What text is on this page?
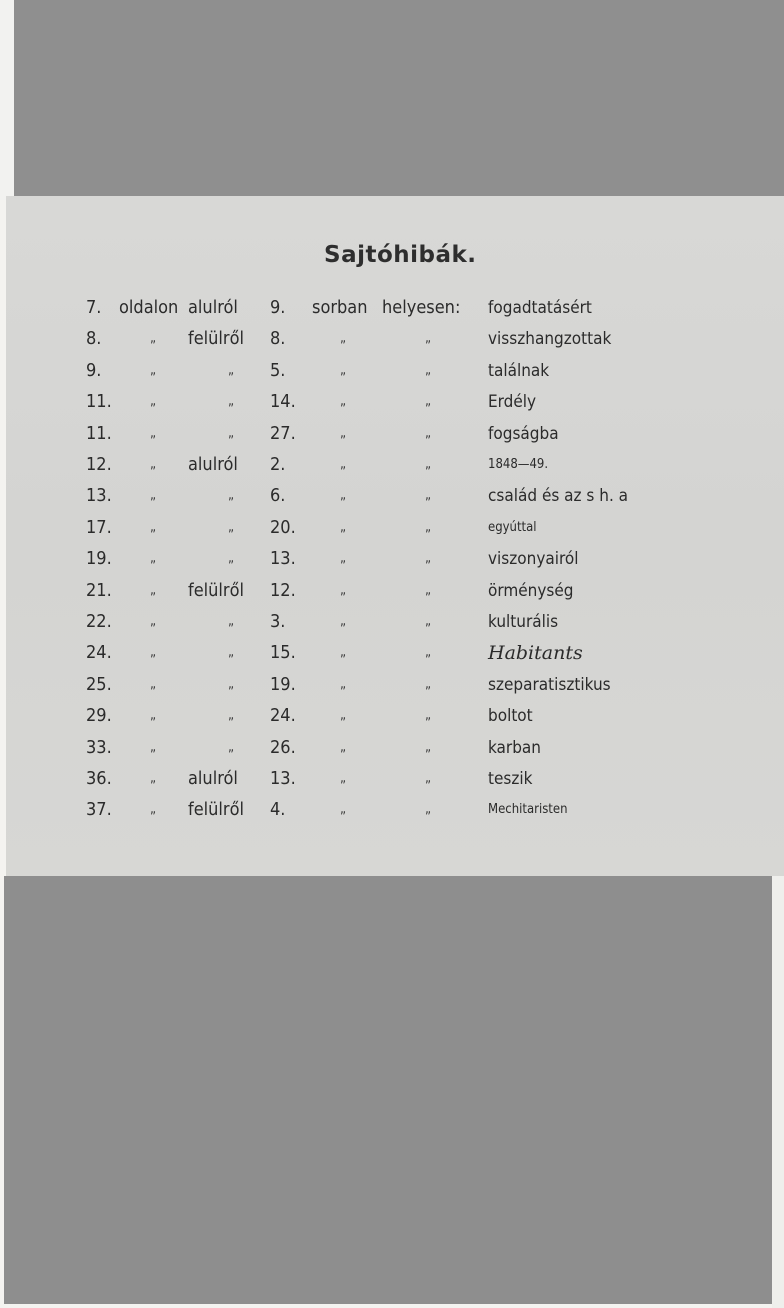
Sajtóhibák.
7. oldalon alulról 9. sorban helyesen: fogadtatásért
8.	„ felülről 8.	„	„	visszhangzottak
9.	„	„ 5.	„	„	találnak
11.	„	„ 14.	„	„	Erdély
11.	„	„ 27.	„	„	fogságba
12.	„ alulról 2.	„	„	1848—49.
13.	„	„ 6.	„	„	család és az s h. a
17.	„	„ 20.	„	„	egyúttal
19.	„	„ 13.	„	„	viszonyairól
21.	„ felülről 12.	„	„	örménység
22.	„	„ 3.	„	„	kulturális
24.	„	„ 15.	„	„	Habitants
25.	„	„ 19.	„	„	szeparatisztikus
29.	„	„ 24.	„	„	boltot
33.	„	„ 26.	„	„	karban
36.	„ alulról 13.	„	„	teszik
37.	„ felülről 4.	„	„	Mechitaristen
